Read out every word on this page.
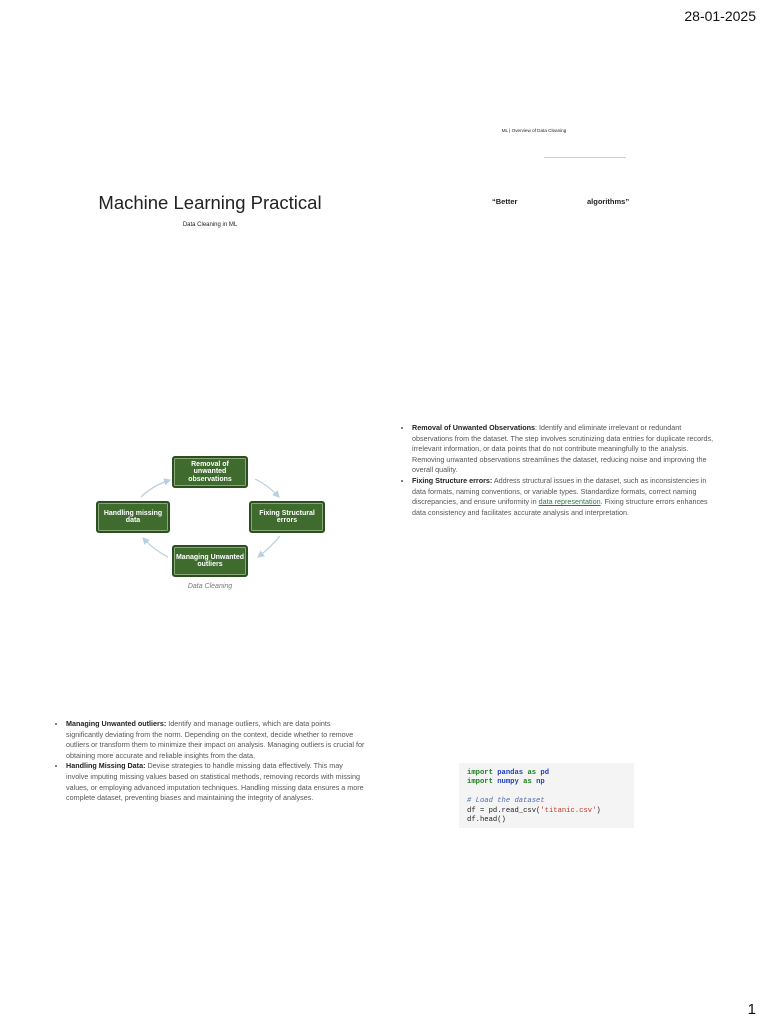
28-01-2025
Machine Learning Practical
Data Cleaning in ML
ML | Overview of Data Cleaning
“Better	algorithms”
Removal of unwanted observations
Fixing Structural errors
Managing Unwanted outliers
Handling missing data
Data Cleaning
• Removal of Unwanted Observations: Identify and eliminate irrelevant or redundant observations from the dataset. The step involves scrutinizing data entries for duplicate records, irrelevant information, or data points that do not contribute meaningfully to the analysis. Removing unwanted observations streamlines the dataset, reducing noise and improving the overall quality.
• Fixing Structure errors: Address structural issues in the dataset, such as inconsistencies in data formats, naming conventions, or variable types. Standardize formats, correct naming discrepancies, and ensure uniformity in data representation. Fixing structure errors enhances data consistency and facilitates accurate analysis and interpretation.
• Managing Unwanted outliers: Identify and manage outliers, which are data points significantly deviating from the norm. Depending on the context, decide whether to remove outliers or transform them to minimize their impact on analysis. Managing outliers is crucial for obtaining more accurate and reliable insights from the data.
• Handling Missing Data: Devise strategies to handle missing data effectively. This may involve imputing missing values based on statistical methods, removing records with missing values, or employing advanced imputation techniques. Handling missing data ensures a more complete dataset, preventing biases and maintaining the integrity of analyses.
import pandas as pd
import numpy as np

# Load the dataset
df = pd.read_csv('titanic.csv')
df.head()
1
